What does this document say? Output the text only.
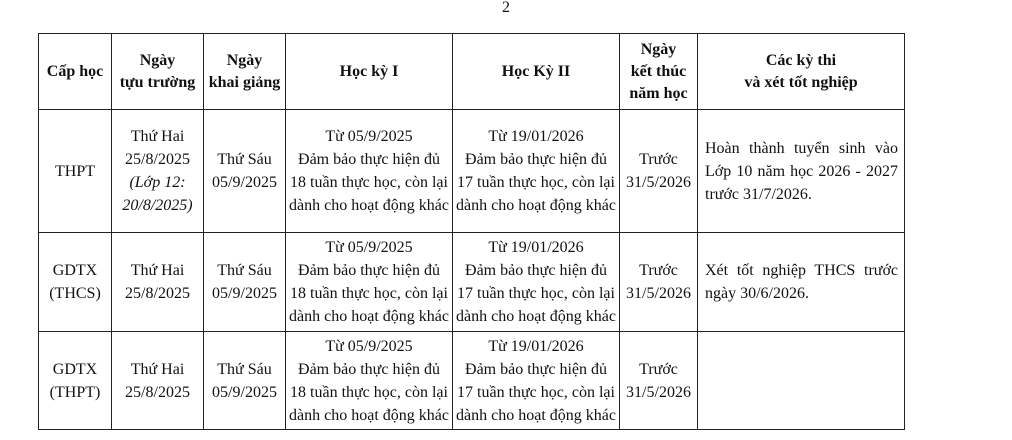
2
Cấp học	Ngày
tựu trường	Ngày
khai giảng	Học kỳ I	Học Kỳ II	Ngày
kết thúc
năm học	Các kỳ thi
và xét tốt nghiệp

THPT	Thứ Hai
25/8/2025
(Lớp 12:
20/8/2025)	Thứ Sáu
05/9/2025	Từ 05/9/2025
Đảm bảo thực hiện đủ
18 tuần thực học, còn lại
dành cho hoạt động khác	Từ 19/01/2026
Đảm bảo thực hiện đủ
17 tuần thực học, còn lại
dành cho hoạt động khác	Trước
31/5/2026	Hoàn thành tuyển sinh vào Lớp 10 năm học 2026 - 2027 trước 31/7/2026.

GDTX
(THCS)	Thứ Hai
25/8/2025	Thứ Sáu
05/9/2025	Từ 05/9/2025
Đảm bảo thực hiện đủ
18 tuần thực học, còn lại
dành cho hoạt động khác	Từ 19/01/2026
Đảm bảo thực hiện đủ
17 tuần thực học, còn lại
dành cho hoạt động khác	Trước
31/5/2026	Xét tốt nghiệp THCS trước ngày 30/6/2026.

GDTX
(THPT)	Thứ Hai
25/8/2025	Thứ Sáu
05/9/2025	Từ 05/9/2025
Đảm bảo thực hiện đủ
18 tuần thực học, còn lại
dành cho hoạt động khác	Từ 19/01/2026
Đảm bảo thực hiện đủ
17 tuần thực học, còn lại
dành cho hoạt động khác	Trước
31/5/2026	
